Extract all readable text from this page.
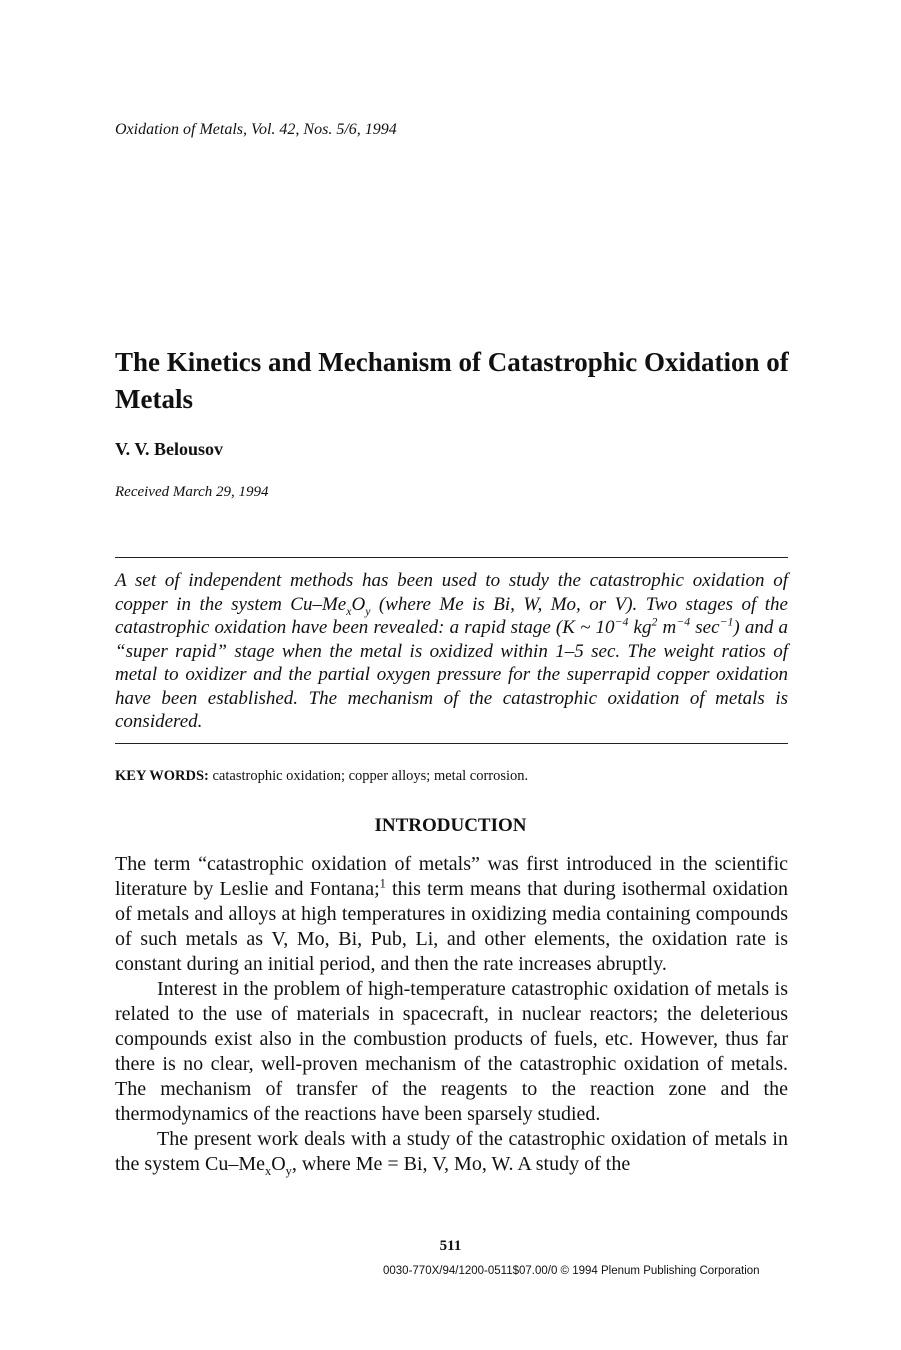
Oxidation of Metals, Vol. 42, Nos. 5/6, 1994
The Kinetics and Mechanism of Catastrophic Oxidation of Metals
V. V. Belousov
Received March 29, 1994

A set of independent methods has been used to study the catastrophic oxidation of copper in the system $Cu-Me_xO_y$ (where Me is Bi, W, Mo, or V). Two stages of the catastrophic oxidation have been revealed: a rapid stage (K ~ $10^{-4}$ $kg^2$ $m^{-4}$ $\sec^{-1}$) and a “super rapid” stage when the metal is oxidized within 1–5 sec. The weight ratios of metal to oxidizer and the partial oxygen pressure for the superrapid copper oxidation have been established. The mechanism of the catastrophic oxidation of metals is considered.

KEY WORDS: catastrophic oxidation; copper alloys; metal corrosion.
INTRODUCTION

The term “catastrophic oxidation of metals” was first introduced in the scientific literature by Leslie and Fontana;$^1$ this term means that during isothermal oxidation of metals and alloys at high temperatures in oxidizing media containing compounds of such metals as V, Mo, Bi, Pub, Li, and other elements, the oxidation rate is constant during an initial period, and then the rate increases abruptly.

Interest in the problem of high-temperature catastrophic oxidation of metals is related to the use of materials in spacecraft, in nuclear reactors; the deleterious compounds exist also in the combustion products of fuels, etc. However, thus far there is no clear, well-proven mechanism of the catastrophic oxidation of metals. The mechanism of transfer of the reagents to the reaction zone and the thermodynamics of the reactions have been sparsely studied.

The present work deals with a study of the catastrophic oxidation of metals in the system $Cu-Me_xO_y$, where Me = Bi, V, Mo, W. A study of the

511
0030-770X/94/1200-0511$07.00/0 © 1994 Plenum Publishing Corporation
